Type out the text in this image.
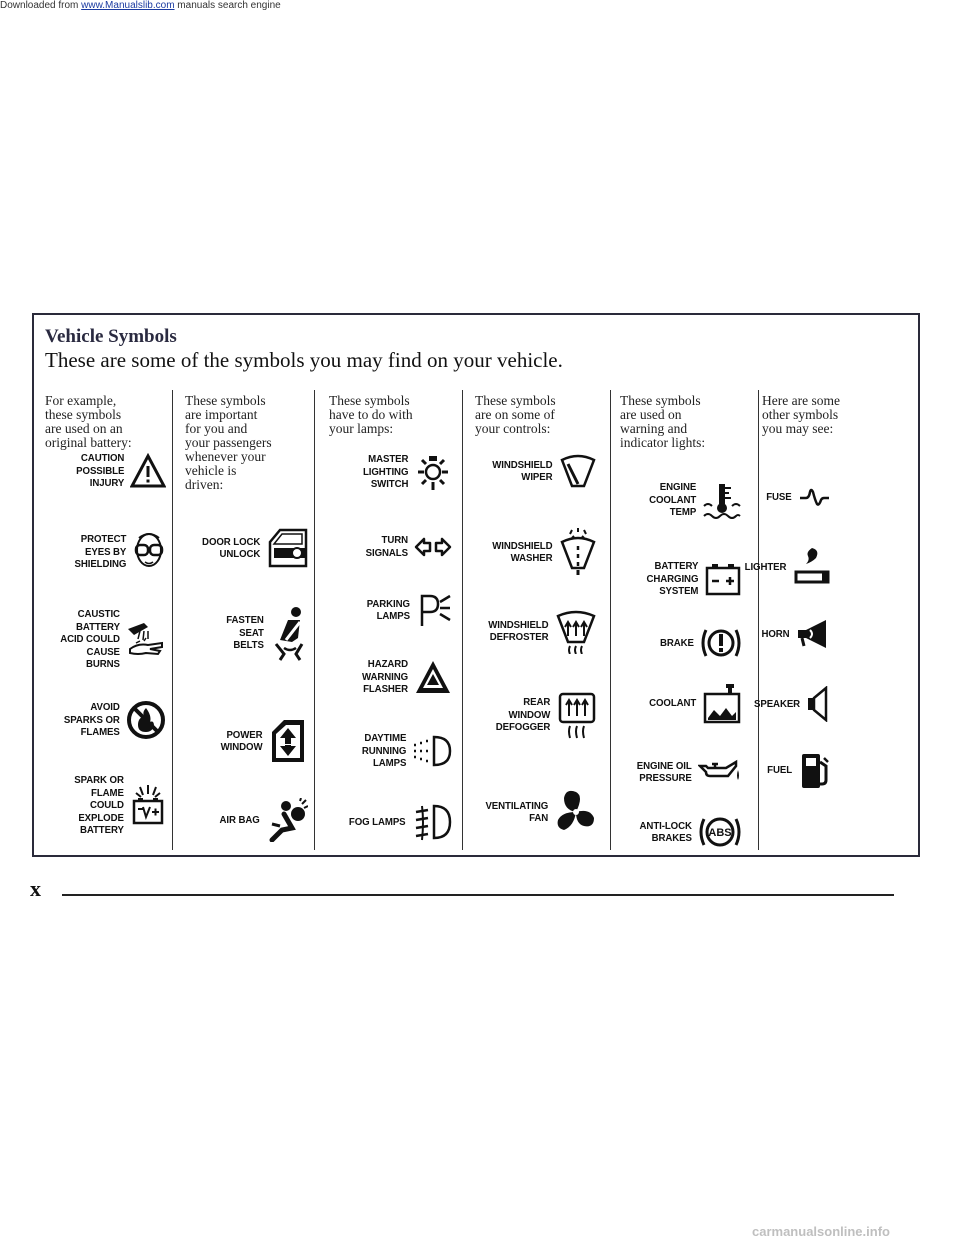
Downloaded from www.Manualslib.com manuals search engine
Vehicle Symbols
These are some of the symbols you may find on your vehicle.
For example,
these symbols
are used on an
original battery:
These symbols
are important
for you and
your passengers
whenever your
vehicle is
driven:
These symbols
have to do with
your lamps:
These symbols
are on some of
your controls:
These symbols
are used on
warning and
indicator lights:
Here are some
other symbols
you may see:
CAUTION
POSSIBLE
INJURY
PROTECT
EYES BY
SHIELDING
CAUSTIC
BATTERY
ACID COULD
CAUSE
BURNS
AVOID
SPARKS OR
FLAMES
SPARK OR
FLAME
COULD
EXPLODE
BATTERY
DOOR LOCK
UNLOCK
FASTEN
SEAT
BELTS
POWER
WINDOW
AIR BAG
MASTER
LIGHTING
SWITCH
TURN
SIGNALS
PARKING
LAMPS
HAZARD
WARNING
FLASHER
DAYTIME
RUNNING
LAMPS
FOG LAMPS
WINDSHIELD
WIPER
WINDSHIELD
WASHER
WINDSHIELD
DEFROSTER
REAR
WINDOW
DEFOGGER
VENTILATING
FAN
ENGINE
COOLANT
TEMP
BATTERY
CHARGING
SYSTEM
BRAKE
COOLANT
ENGINE OIL
PRESSURE
ANTI-LOCK
BRAKES ABS
FUSE
LIGHTER
HORN
SPEAKER
FUEL
x
carmanualsonline.info
